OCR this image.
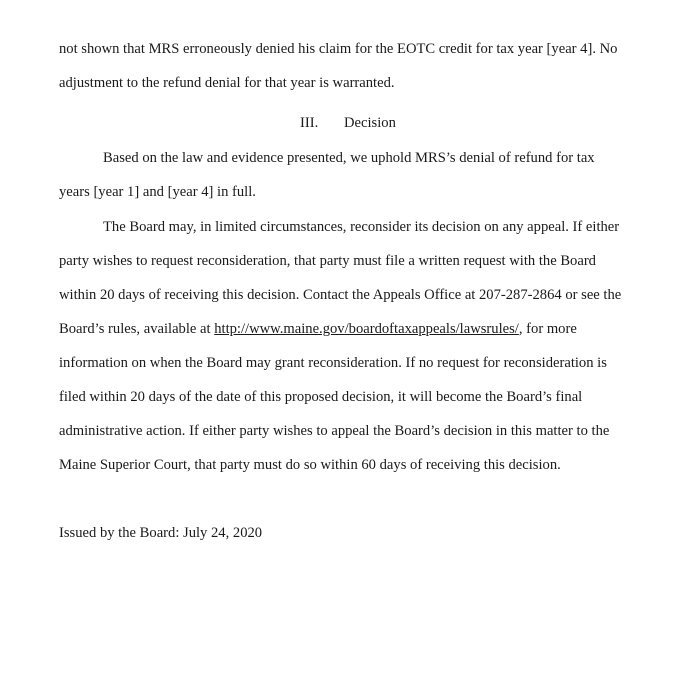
not shown that MRS erroneously denied his claim for the EOTC credit for tax year [year 4]. No
adjustment to the refund denial for that year is warranted.
III. Decision
Based on the law and evidence presented, we uphold MRS’s denial of refund for tax
years [year 1] and [year 4] in full.
The Board may, in limited circumstances, reconsider its decision on any appeal. If either
party wishes to request reconsideration, that party must file a written request with the Board
within 20 days of receiving this decision. Contact the Appeals Office at 207-287-2864 or see the
Board’s rules, available at http://www.maine.gov/boardoftaxappeals/lawsrules/, for more
information on when the Board may grant reconsideration. If no request for reconsideration is
filed within 20 days of the date of this proposed decision, it will become the Board’s final
administrative action. If either party wishes to appeal the Board’s decision in this matter to the
Maine Superior Court, that party must do so within 60 days of receiving this decision.
Issued by the Board: July 24, 2020
